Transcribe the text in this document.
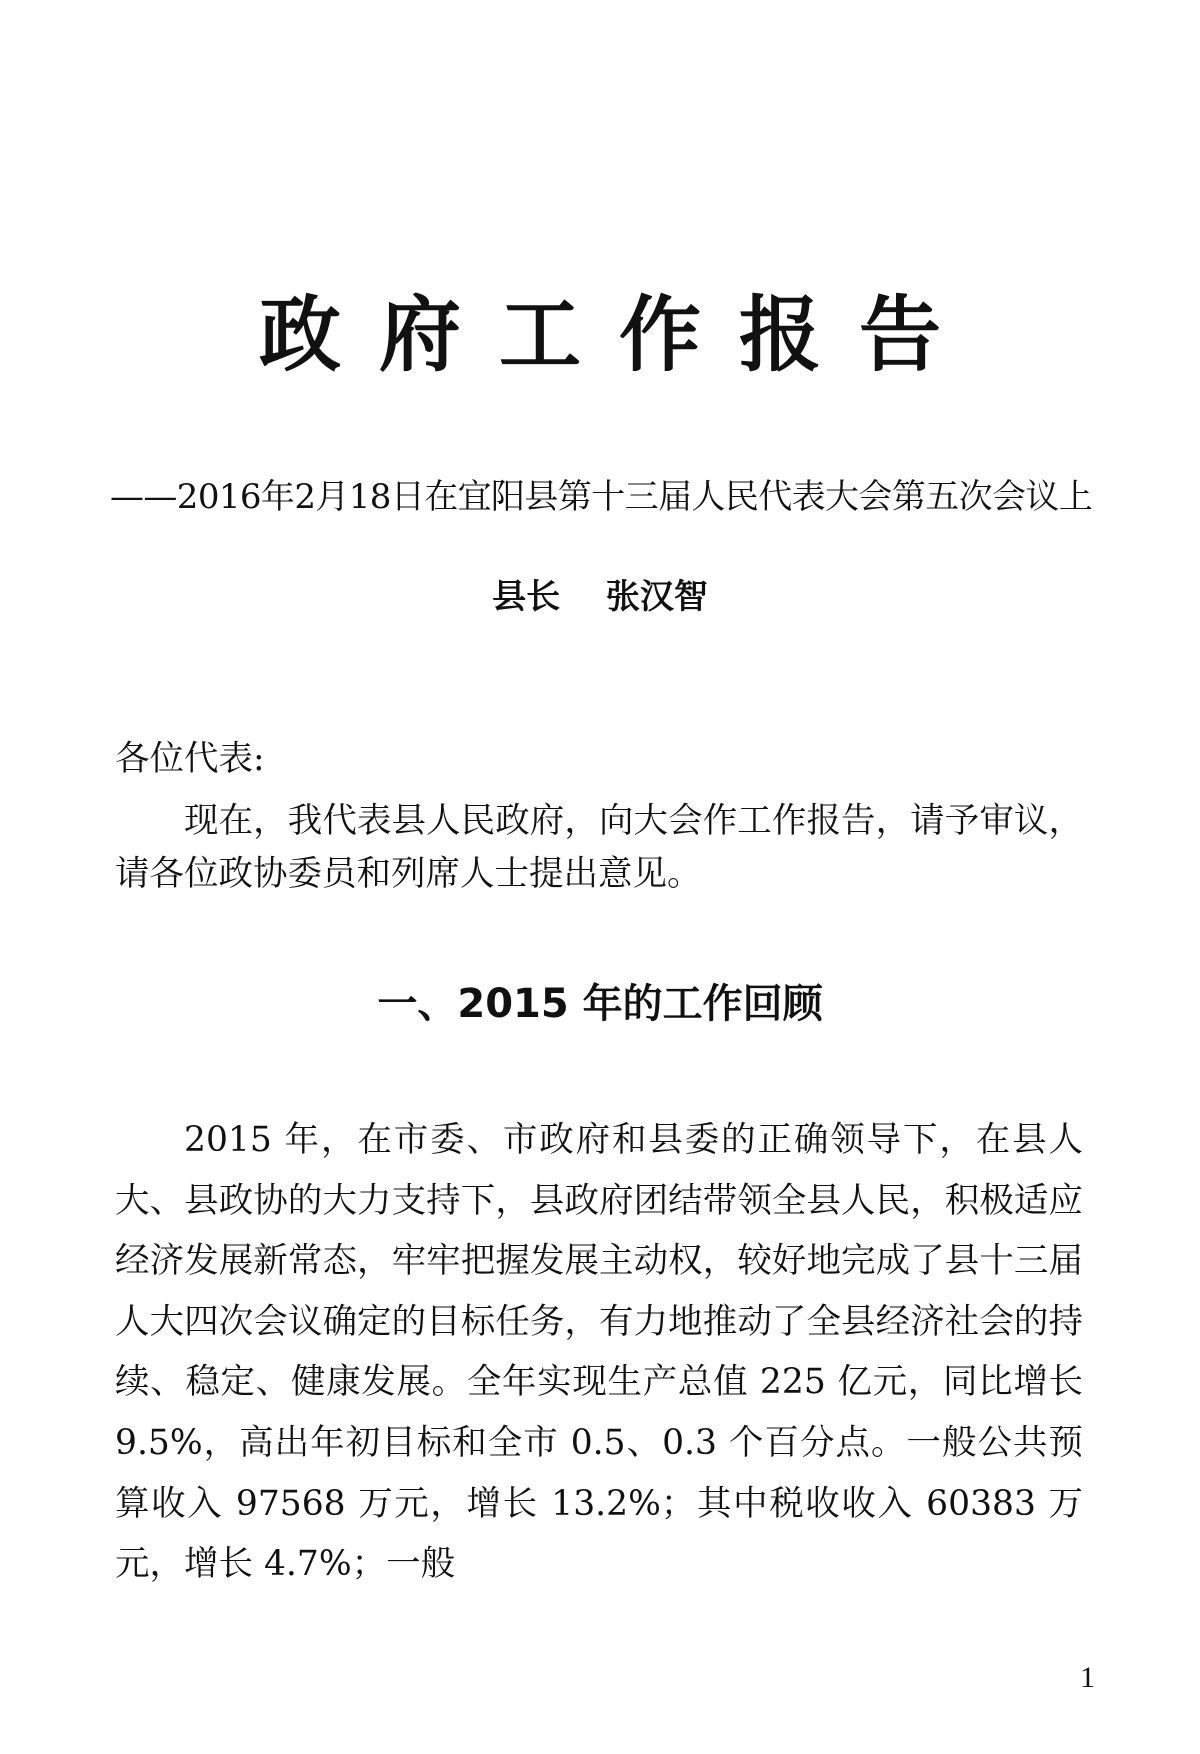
政府工作报告
——2016年2月18日在宜阳县第十三届人民代表大会第五次会议上
县长　 张汉智
各位代表:
现在，我代表县人民政府，向大会作工作报告，请予审议，请各位政协委员和列席人士提出意见。
一、2015 年的工作回顾
2015 年，在市委、市政府和县委的正确领导下，在县人大、县政协的大力支持下，县政府团结带领全县人民，积极适应经济发展新常态，牢牢把握发展主动权，较好地完成了县十三届人大四次会议确定的目标任务，有力地推动了全县经济社会的持续、稳定、健康发展。全年实现生产总值 225 亿元，同比增长 9.5%，高出年初目标和全市 0.5、0.3 个百分点。一般公共预算收入 97568 万元，增长 13.2%；其中税收收入 60383 万元，增长 4.7%；一般
1
